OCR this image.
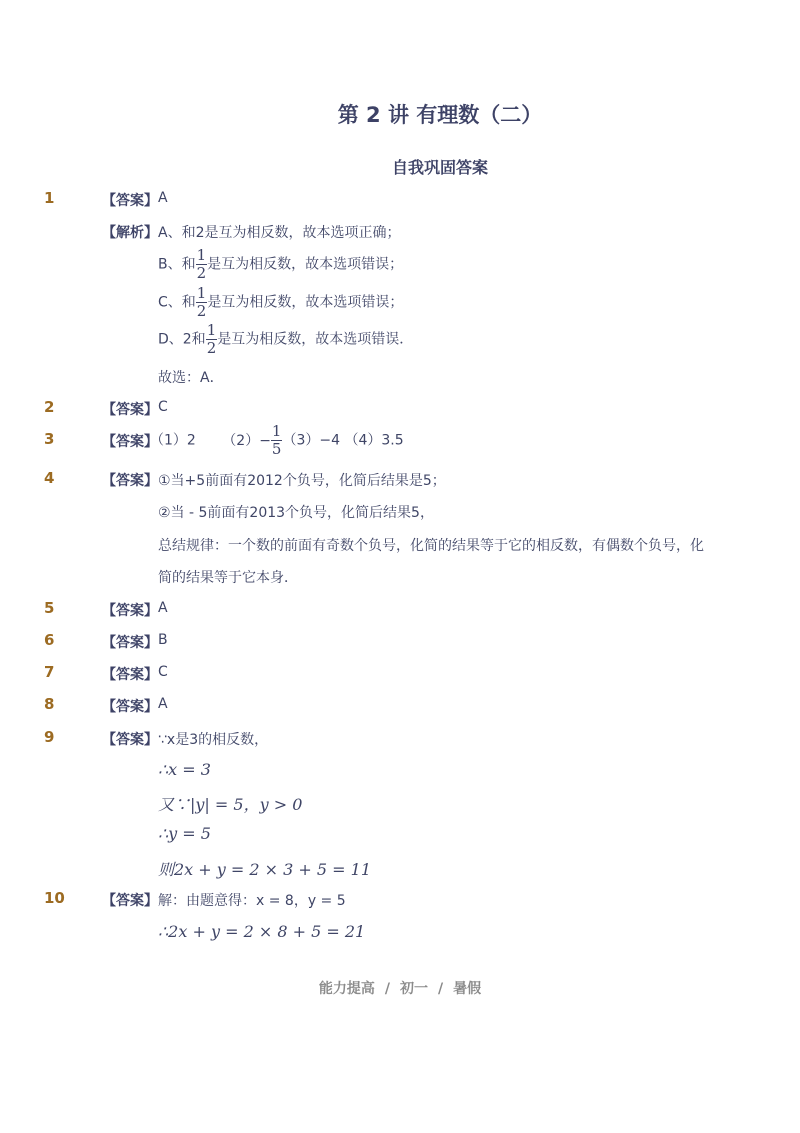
第 2 讲 有理数（二）
自我巩固答案
1	【答案】 A
【解析】 A、和2是互为相反数，故本选项正确；
B、和 $\frac{1}{2}$ 是互为相反数，故本选项错误；
C、和 $\frac{1}{2}$ 是互为相反数，故本选项错误；
D、2和 $\frac{1}{2}$ 是互为相反数，故本选项错误．
故选：A．
2	【答案】 C
3	【答案】
（1）2 $(2)- \frac{1}{5} (3)-4$ （4）3.5
4	【答案】 ①当+5前面有2012个负号，化简后结果是5；
②当 - 5前面有2013个负号，化简后结果5，
总结规律：一个数的前面有奇数个负号，化简的结果等于它的相反数，有偶数个负号，化
简的结果等于它本身．
5	【答案】 A
6	【答案】 B
7	【答案】 C
8	【答案】 A
9	【答案】 ∵x是3的相反数，
∴x = 3
又∵|y| = 5，y > 0
∴y = 5
则2x + y = 2 × 3 + 5 = 11
10	【答案】 解：由题意得：x = 8，y = 5
∴2x + y = 2 × 8 + 5 = 21
能力提高 / 初一 / 暑假
